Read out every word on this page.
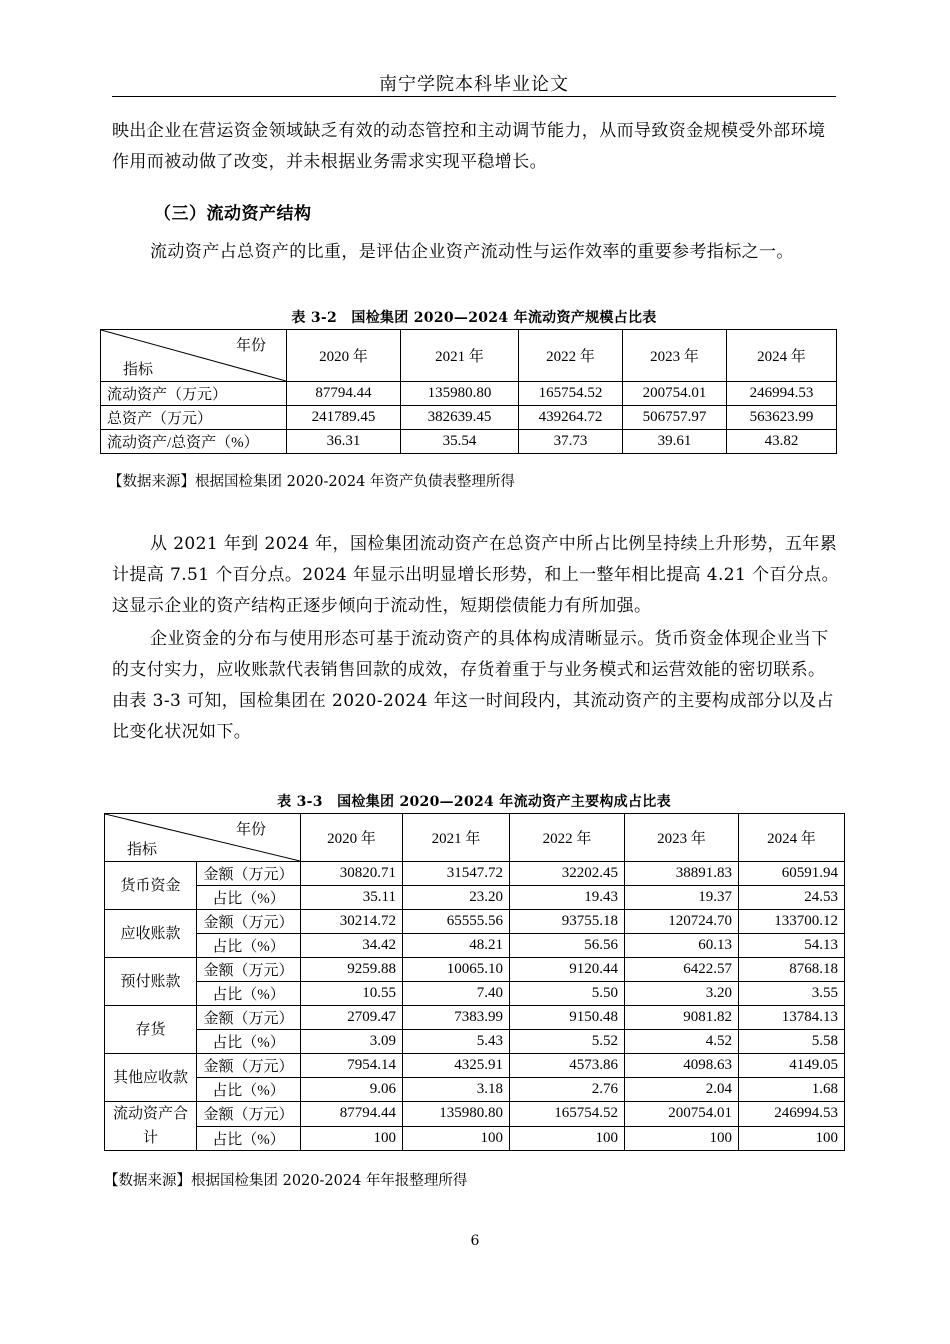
南宁学院本科毕业论文

映出企业在营运资金领域缺乏有效的动态管控和主动调节能力，从而导致资金规模受外部环境作用而被动做了改变，并未根据业务需求实现平稳增长。

（三）流动资产结构

流动资产占总资产的比重，是评估企业资产流动性与运作效率的重要参考指标之一。

表 3-2　国检集团 2020—2024 年流动资产规模占比表
年份
指标	2020 年	2021 年	2022 年	2023 年	2024 年
流动资产（万元）	87794.44	135980.80	165754.52	200754.01	246994.53
总资产（万元）	241789.45	382639.45	439264.72	506757.97	563623.99
流动资产/总资产（%）	36.31	35.54	37.73	39.61	43.82
【数据来源】根据国检集团 2020-2024 年资产负债表整理所得

从 2021 年到 2024 年，国检集团流动资产在总资产中所占比例呈持续上升形势，五年累计提高 7.51 个百分点。2024 年显示出明显增长形势，和上一整年相比提高 4.21 个百分点。这显示企业的资产结构正逐步倾向于流动性，短期偿债能力有所加强。

企业资金的分布与使用形态可基于流动资产的具体构成清晰显示。货币资金体现企业当下的支付实力，应收账款代表销售回款的成效，存货着重于与业务模式和运营效能的密切联系。由表 3-3 可知，国检集团在 2020-2024 年这一时间段内，其流动资产的主要构成部分以及占比变化状况如下。

表 3-3　国检集团 2020—2024 年流动资产主要构成占比表
年份
指标		2020 年	2021 年	2022 年	2023 年	2024 年
货币资金	金额（万元）	30820.71	31547.72	32202.45	38891.83	60591.94
	占比（%）	35.11	23.20	19.43	19.37	24.53
应收账款	金额（万元）	30214.72	65555.56	93755.18	120724.70	133700.12
	占比（%）	34.42	48.21	56.56	60.13	54.13
预付账款	金额（万元）	9259.88	10065.10	9120.44	6422.57	8768.18
	占比（%）	10.55	7.40	5.50	3.20	3.55
存货	金额（万元）	2709.47	7383.99	9150.48	9081.82	13784.13
	占比（%）	3.09	5.43	5.52	4.52	5.58
其他应收款	金额（万元）	7954.14	4325.91	4573.86	4098.63	4149.05
	占比（%）	9.06	3.18	2.76	2.04	1.68
流动资产合计	金额（万元）	87794.44	135980.80	165754.52	200754.01	246994.53
	占比（%）	100	100	100	100	100
【数据来源】根据国检集团 2020-2024 年年报整理所得
6
